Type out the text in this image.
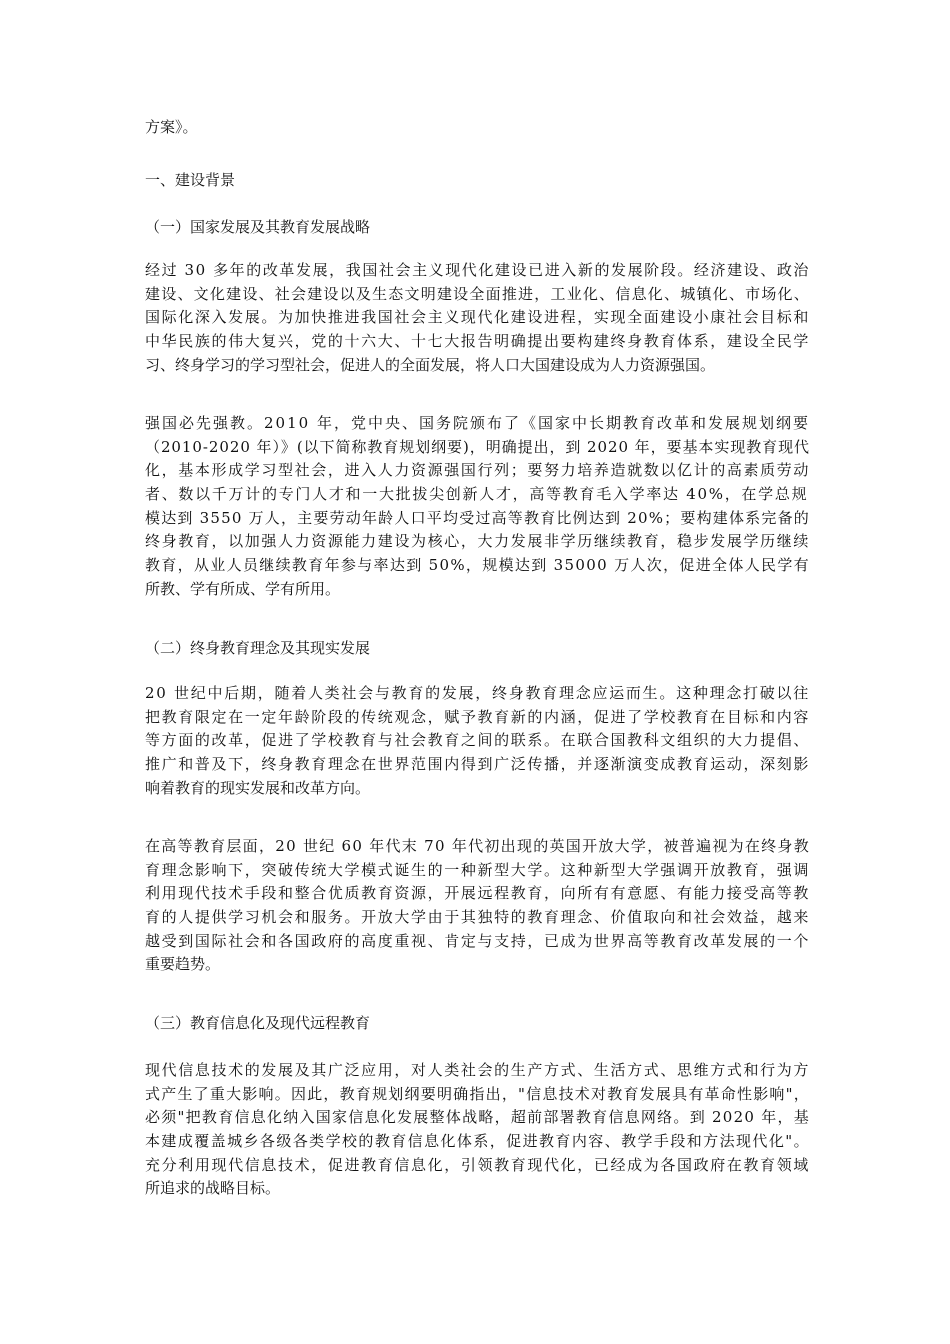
方案》。
一、建设背景
（一）国家发展及其教育发展战略
经过 30 多年的改革发展，我国社会主义现代化建设已进入新的发展阶段。经济建设、政治
建设、文化建设、社会建设以及生态文明建设全面推进，工业化、信息化、城镇化、市场化、
国际化深入发展。为加快推进我国社会主义现代化建设进程，实现全面建设小康社会目标和
中华民族的伟大复兴，党的十六大、十七大报告明确提出要构建终身教育体系，建设全民学
习、终身学习的学习型社会，促进人的全面发展，将人口大国建设成为人力资源强国。
强国必先强教。2010 年，党中央、国务院颁布了《国家中长期教育改革和发展规划纲要
（2010-2020 年）》(以下简称教育规划纲要)，明确提出，到 2020 年，要基本实现教育现代
化，基本形成学习型社会，进入人力资源强国行列；要努力培养造就数以亿计的高素质劳动
者、数以千万计的专门人才和一大批拔尖创新人才，高等教育毛入学率达 40%，在学总规
模达到 3550 万人，主要劳动年龄人口平均受过高等教育比例达到 20%；要构建体系完备的
终身教育，以加强人力资源能力建设为核心，大力发展非学历继续教育，稳步发展学历继续
教育，从业人员继续教育年参与率达到 50%，规模达到 35000 万人次，促进全体人民学有
所教、学有所成、学有所用。
（二）终身教育理念及其现实发展
20 世纪中后期，随着人类社会与教育的发展，终身教育理念应运而生。这种理念打破以往
把教育限定在一定年龄阶段的传统观念，赋予教育新的内涵，促进了学校教育在目标和内容
等方面的改革，促进了学校教育与社会教育之间的联系。在联合国教科文组织的大力提倡、
推广和普及下，终身教育理念在世界范围内得到广泛传播，并逐渐演变成教育运动，深刻影
响着教育的现实发展和改革方向。
在高等教育层面，20 世纪 60 年代末 70 年代初出现的英国开放大学，被普遍视为在终身教
育理念影响下，突破传统大学模式诞生的一种新型大学。这种新型大学强调开放教育，强调
利用现代技术手段和整合优质教育资源，开展远程教育，向所有有意愿、有能力接受高等教
育的人提供学习机会和服务。开放大学由于其独特的教育理念、价值取向和社会效益，越来
越受到国际社会和各国政府的高度重视、肯定与支持，已成为世界高等教育改革发展的一个
重要趋势。
（三）教育信息化及现代远程教育
现代信息技术的发展及其广泛应用，对人类社会的生产方式、生活方式、思维方式和行为方
式产生了重大影响。因此，教育规划纲要明确指出，"信息技术对教育发展具有革命性影响"，
必须"把教育信息化纳入国家信息化发展整体战略，超前部署教育信息网络。到 2020 年，基
本建成覆盖城乡各级各类学校的教育信息化体系，促进教育内容、教学手段和方法现代化"。
充分利用现代信息技术，促进教育信息化，引领教育现代化，已经成为各国政府在教育领域
所追求的战略目标。
